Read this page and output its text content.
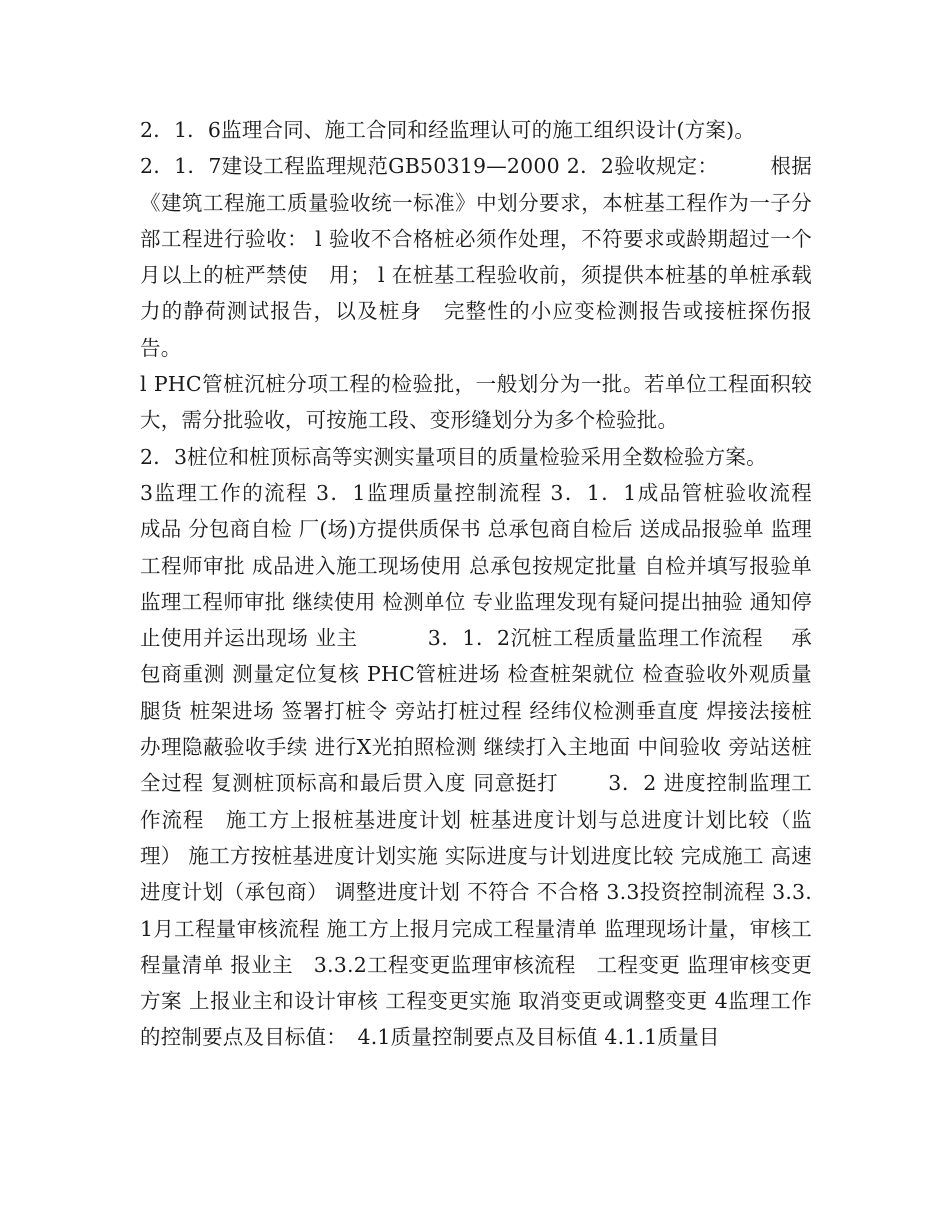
2．1．6监理合同、施工合同和经监理认可的施工组织设计(方案)。

2．1．7建设工程监理规范GB50319—2000 2．2验收规定：　　　根据《建筑工程施工质量验收统一标准》中划分要求，本桩基工程作为一子分部工程进行验收： l 验收不合格桩必须作处理，不符要求或龄期超过一个月以上的桩严禁使　用； l 在桩基工程验收前，须提供本桩基的单桩承载力的静荷测试报告，以及桩身　完整性的小应变检测报告或接桩探伤报告。

l PHC管桩沉桩分项工程的检验批，一般划分为一批。若单位工程面积较大，需分批验收，可按施工段、变形缝划分为多个检验批。

2．3桩位和桩顶标高等实测实量项目的质量检验采用全数检验方案。

3监理工作的流程 3．1监理质量控制流程 3．1．1成品管桩验收流程　　　 成品 分包商自检 厂(场)方提供质保书 总承包商自检后 送成品报验单 监理工程师审批 成品进入施工现场使用 总承包按规定批量 自检并填写报验单 监理工程师审批 继续使用 检测单位 专业监理发现有疑问提出抽验 通知停止使用并运出现场 业主　　　 3．1．2沉桩工程质量监理工作流程　 承包商重测 测量定位复核 PHC管桩进场 检查桩架就位 检查验收外观质量 腿货 桩架进场 签署打桩令 旁站打桩过程 经纬仪检测垂直度 焊接法接桩 办理隐蔽验收手续 进行X光拍照检测 继续打入主地面 中间验收 旁站送桩全过程 复测桩顶标高和最后贯入度 同意挺打　　 3．2 进度控制监理工作流程　施工方上报桩基进度计划 桩基进度计划与总进度计划比较（监理） 施工方按桩基进度计划实施 实际进度与计划进度比较 完成施工 高速进度计划（承包商） 调整进度计划 不符合 不合格 3.3投资控制流程 3.3.1月工程量审核流程 施工方上报月完成工程量清单 监理现场计量，审核工程量清单 报业主　3.3.2工程变更监理审核流程　工程变更 监理审核变更方案 上报业主和设计审核 工程变更实施 取消变更或调整变更 4监理工作的控制要点及目标值：　4.1质量控制要点及目标值 4.1.1质量目
